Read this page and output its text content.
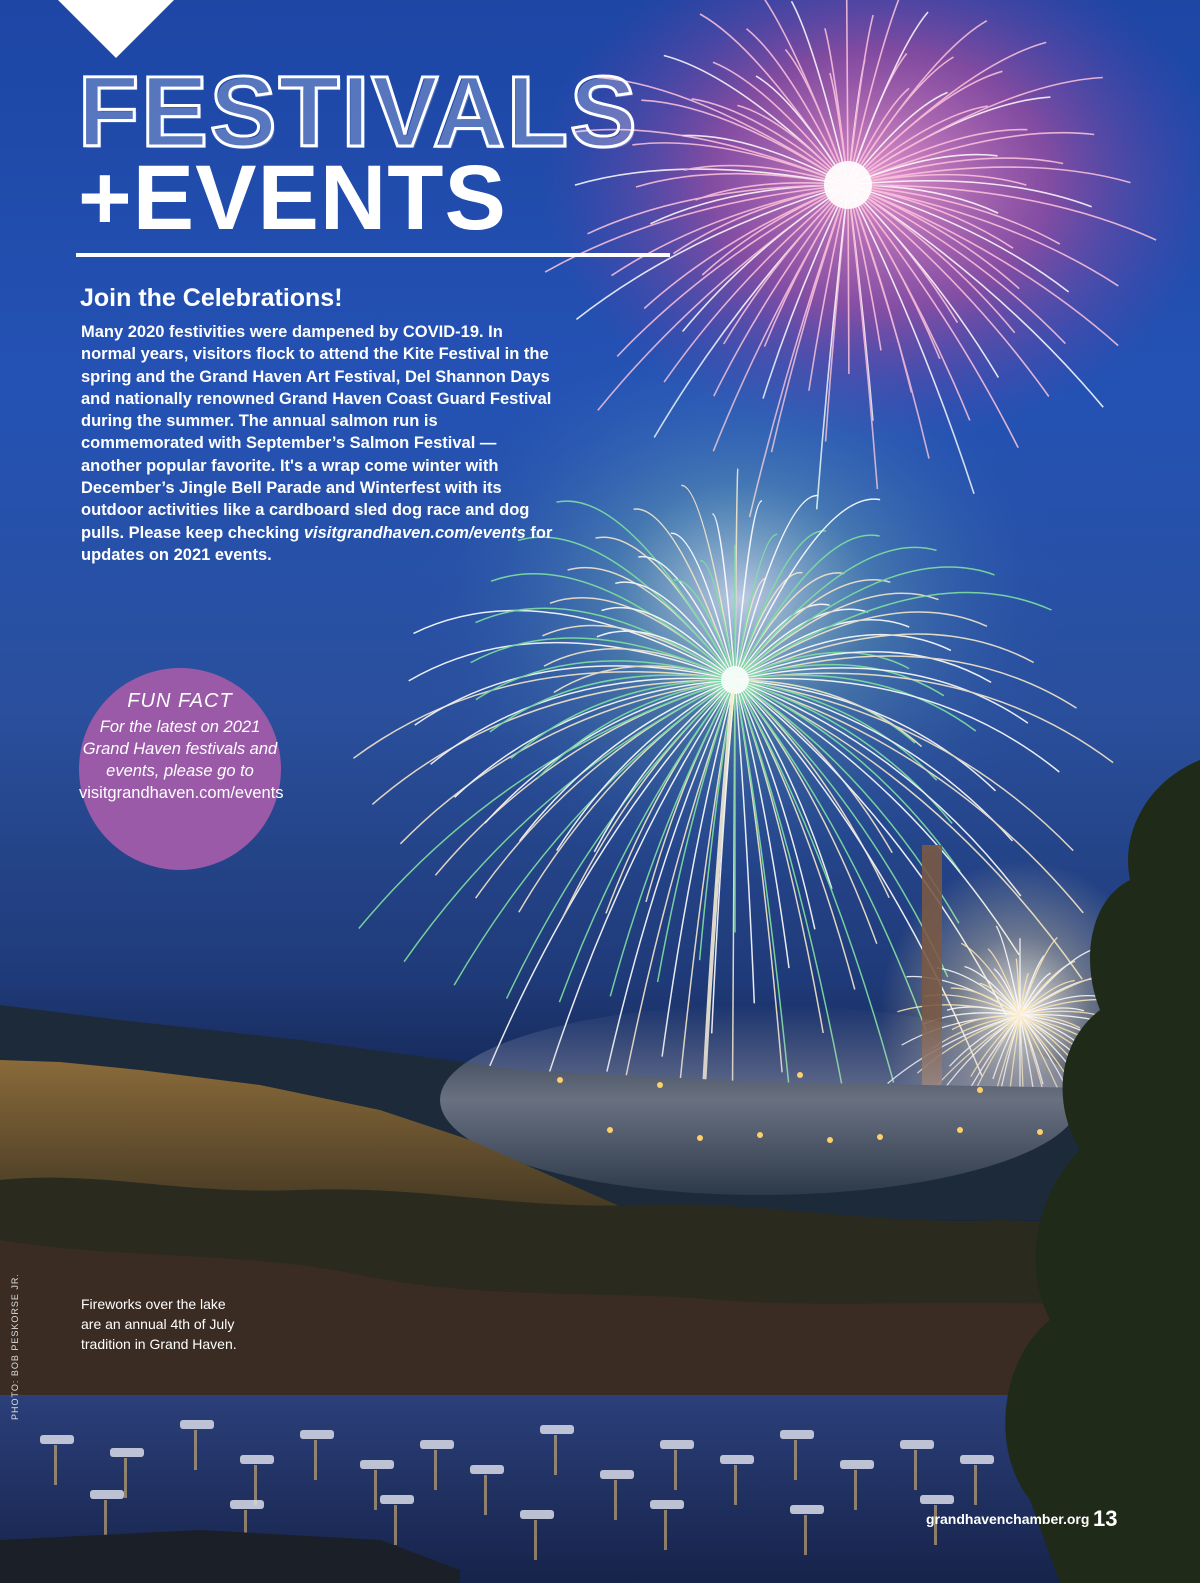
FESTIVALS
+EVENTS
Join the Celebrations!

Many 2020 festivities were dampened by COVID-19. In normal years, visitors flock to attend the Kite Festival in the spring and the Grand Haven Art Festival, Del Shannon Days and nationally renowned Grand Haven Coast Guard Festival during the summer. The annual salmon run is commemorated with September’s Salmon Festival — another popular favorite. It's a wrap come winter with December’s Jingle Bell Parade and Winterfest with its outdoor activities like a cardboard sled dog race and dog pulls. Please keep checking visitgrandhaven.com/events for updates on 2021 events.

FUN FACT
For the latest on 2021 Grand Haven festivals and events, please go to
visitgrandhaven.com/events
Fireworks over the lake are an annual 4th of July tradition in Grand Haven.
PHOTO: BOB PESKORSE JR.
grandhavenchamber.org 13
